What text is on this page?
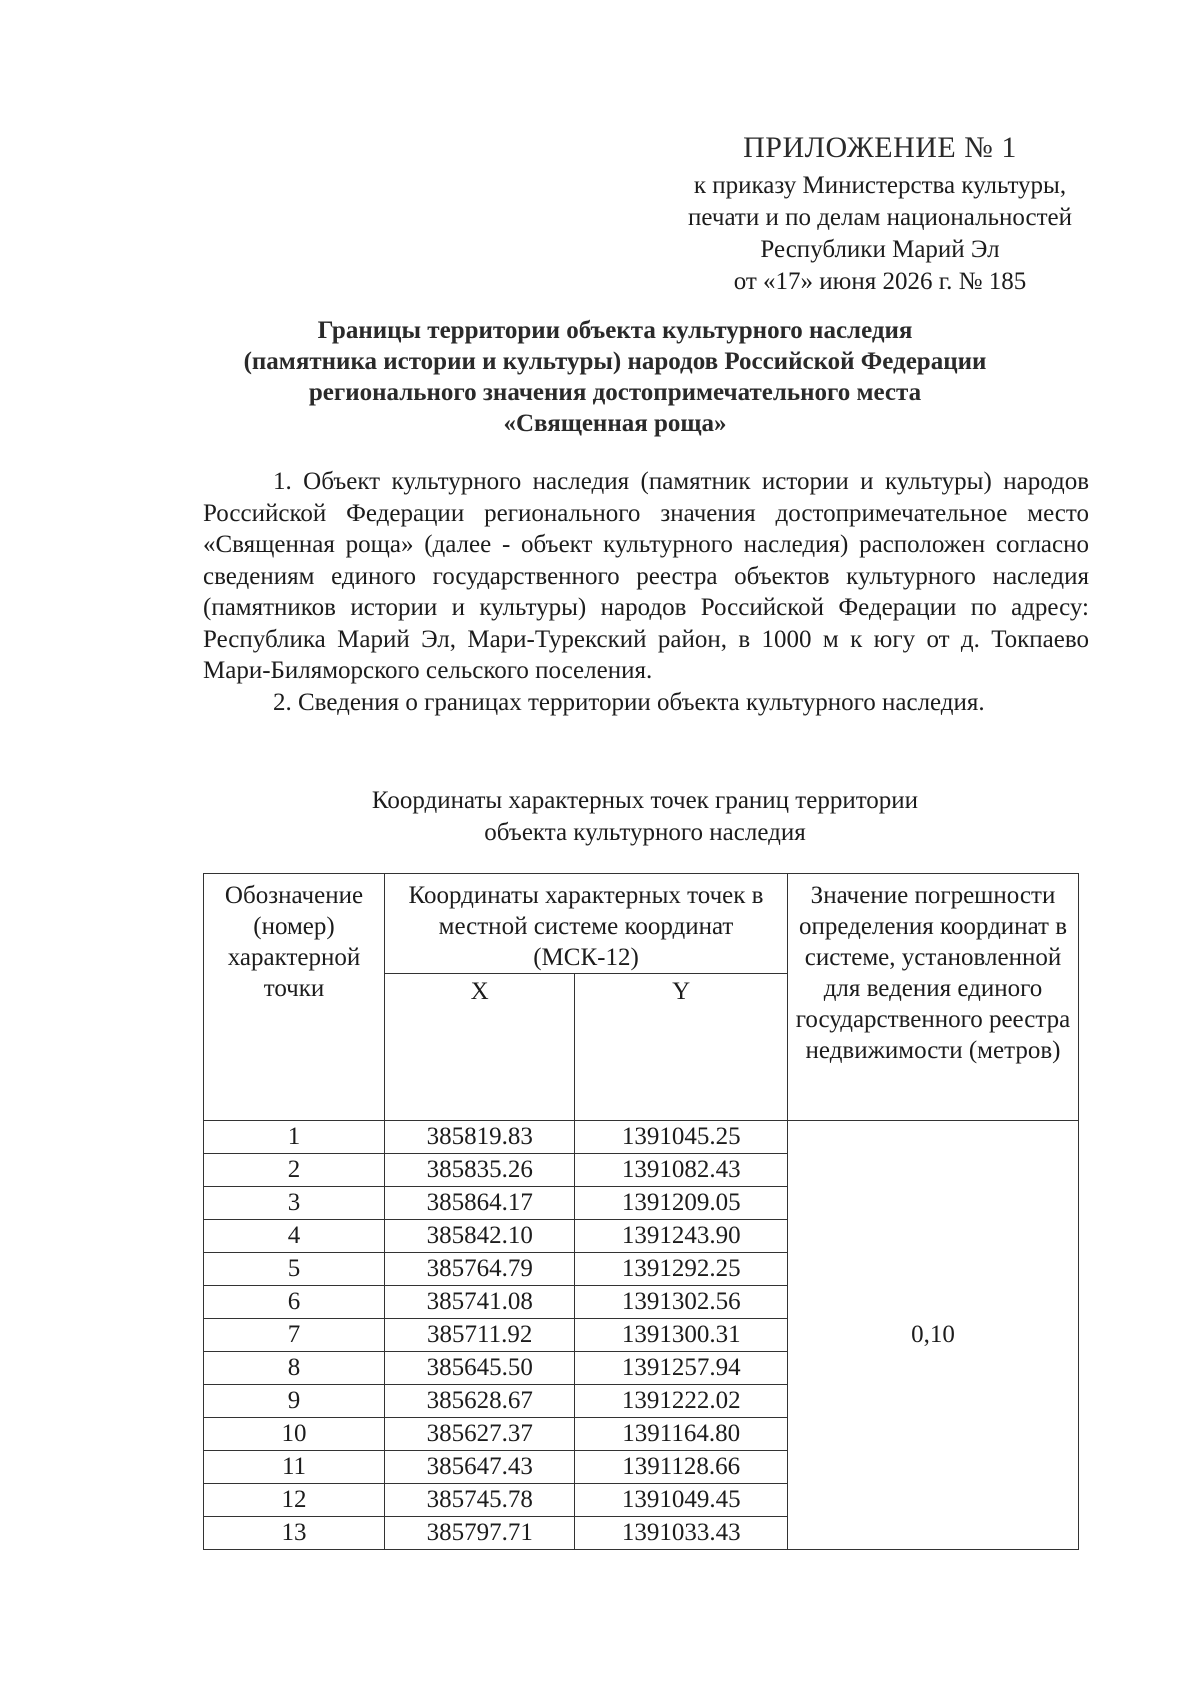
ПРИЛОЖЕНИЕ № 1
к приказу Министерства культуры,
печати и по делам национальностей
Республики Марий Эл
от «17» июня 2026 г. № 185
Границы территории объекта культурного наследия
(памятника истории и культуры) народов Российской Федерации
регионального значения достопримечательного места
«Священная роща»

1. Объект культурного наследия (памятник истории и культуры) народов Российской Федерации регионального значения достопримечательное место «Священная роща» (далее - объект культурного наследия) расположен согласно сведениям единого государственного реестра объектов культурного наследия (памятников истории и культуры) народов Российской Федерации по адресу: Республика Марий Эл, Мари-Турекский район, в 1000 м к югу от д. Токпаево Мари-Биляморского сельского поселения.

2. Сведения о границах территории объекта культурного наследия.

Координаты характерных точек границ территории
объекта культурного наследия
Обозначение (номер) характерной точки	Координаты характерных точек в местной системе координат (МСК-12)		Значение погрешности определения координат в системе, установленной для ведения единого государственного реестра недвижимости (метров)
	X	Y	
1	385819.83	1391045.25	0,10
2	385835.26	1391082.43	
3	385864.17	1391209.05	
4	385842.10	1391243.90	
5	385764.79	1391292.25	
6	385741.08	1391302.56	
7	385711.92	1391300.31	
8	385645.50	1391257.94	
9	385628.67	1391222.02	
10	385627.37	1391164.80	
11	385647.43	1391128.66	
12	385745.78	1391049.45	
13	385797.71	1391033.43	
